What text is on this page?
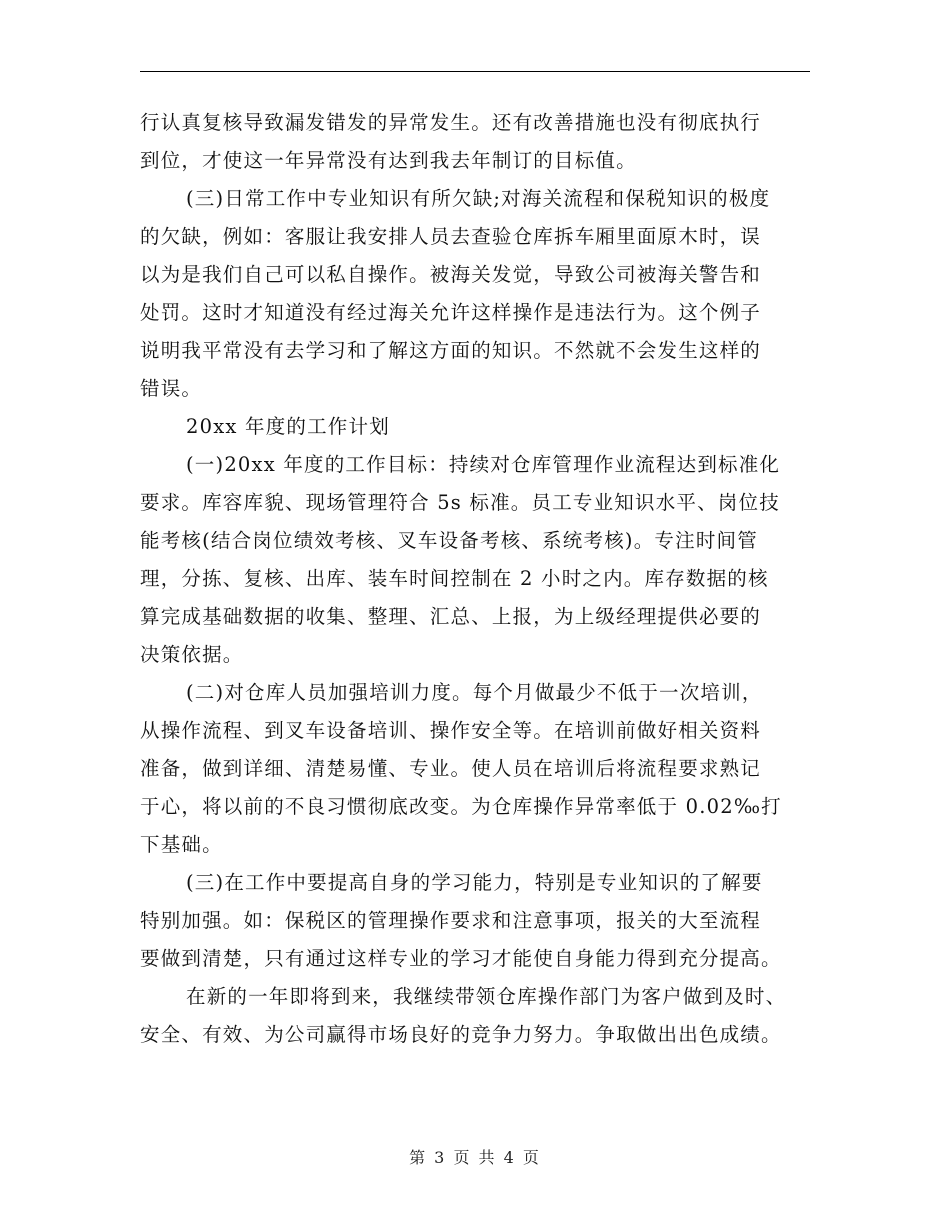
行认真复核导致漏发错发的异常发生。还有改善措施也没有彻底执行
到位，才使这一年异常没有达到我去年制订的目标值。
(三)日常工作中专业知识有所欠缺;对海关流程和保税知识的极度
的欠缺，例如：客服让我安排人员去查验仓库拆车厢里面原木时，误
以为是我们自己可以私自操作。被海关发觉，导致公司被海关警告和
处罚。这时才知道没有经过海关允许这样操作是违法行为。这个例子
说明我平常没有去学习和了解这方面的知识。不然就不会发生这样的
错误。
20xx 年度的工作计划
(一)20xx 年度的工作目标：持续对仓库管理作业流程达到标准化
要求。库容库貌、现场管理符合 5s 标准。员工专业知识水平、岗位技
能考核(结合岗位绩效考核、叉车设备考核、系统考核)。专注时间管
理，分拣、复核、出库、装车时间控制在 2 小时之内。库存数据的核
算完成基础数据的收集、整理、汇总、上报，为上级经理提供必要的
决策依据。
(二)对仓库人员加强培训力度。每个月做最少不低于一次培训，
从操作流程、到叉车设备培训、操作安全等。在培训前做好相关资料
准备，做到详细、清楚易懂、专业。使人员在培训后将流程要求熟记
于心，将以前的不良习惯彻底改变。为仓库操作异常率低于 0.02‰打
下基础。
(三)在工作中要提高自身的学习能力，特别是专业知识的了解要
特别加强。如：保税区的管理操作要求和注意事项，报关的大至流程
要做到清楚，只有通过这样专业的学习才能使自身能力得到充分提高。
在新的一年即将到来，我继续带领仓库操作部门为客户做到及时、
安全、有效、为公司赢得市场良好的竞争力努力。争取做出出色成绩。
第 3 页 共 4 页
